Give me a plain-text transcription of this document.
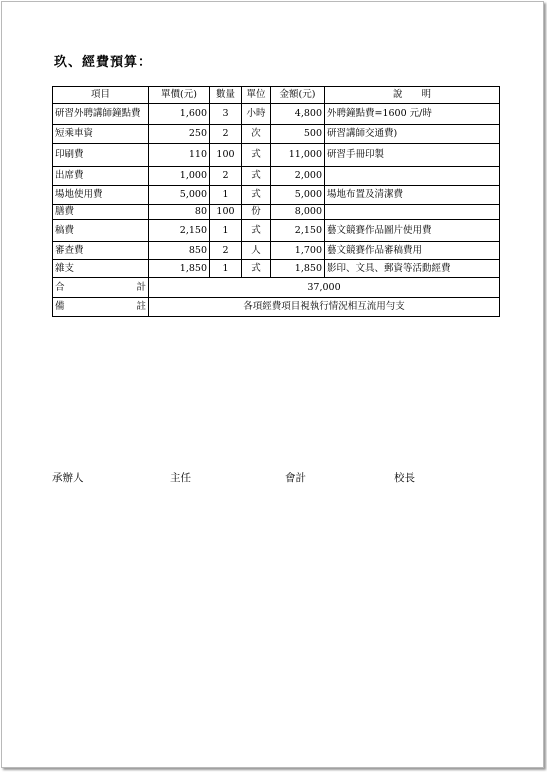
玖、經費預算：
項目	單價(元)	數量	單位	金額(元)	說　　明
研習外聘講師鐘點費	1,600	3	小時	4,800	外聘鐘點費=1600 元/時
短乘車資	250	2	次	500	研習講師交通費)
印刷費	110	100	式	11,000	研習手冊印製
出席費	1,000	2	式	2,000	
場地使用費	5,000	1	式	5,000	場地布置及清潔費
膳費	80	100	份	8,000	
稿費	2,150	1	式	2,150	藝文競賽作品圖片使用費
審查費	850	2	人	1,700	藝文競賽作品審稿費用
雜支	1,850	1	式	1,850	影印、文具、郵資等活動經費

合 計	37,000				

備 註	各項經費項目視執行情況相互流用勻支				
承辦人	主任	會計	校長
